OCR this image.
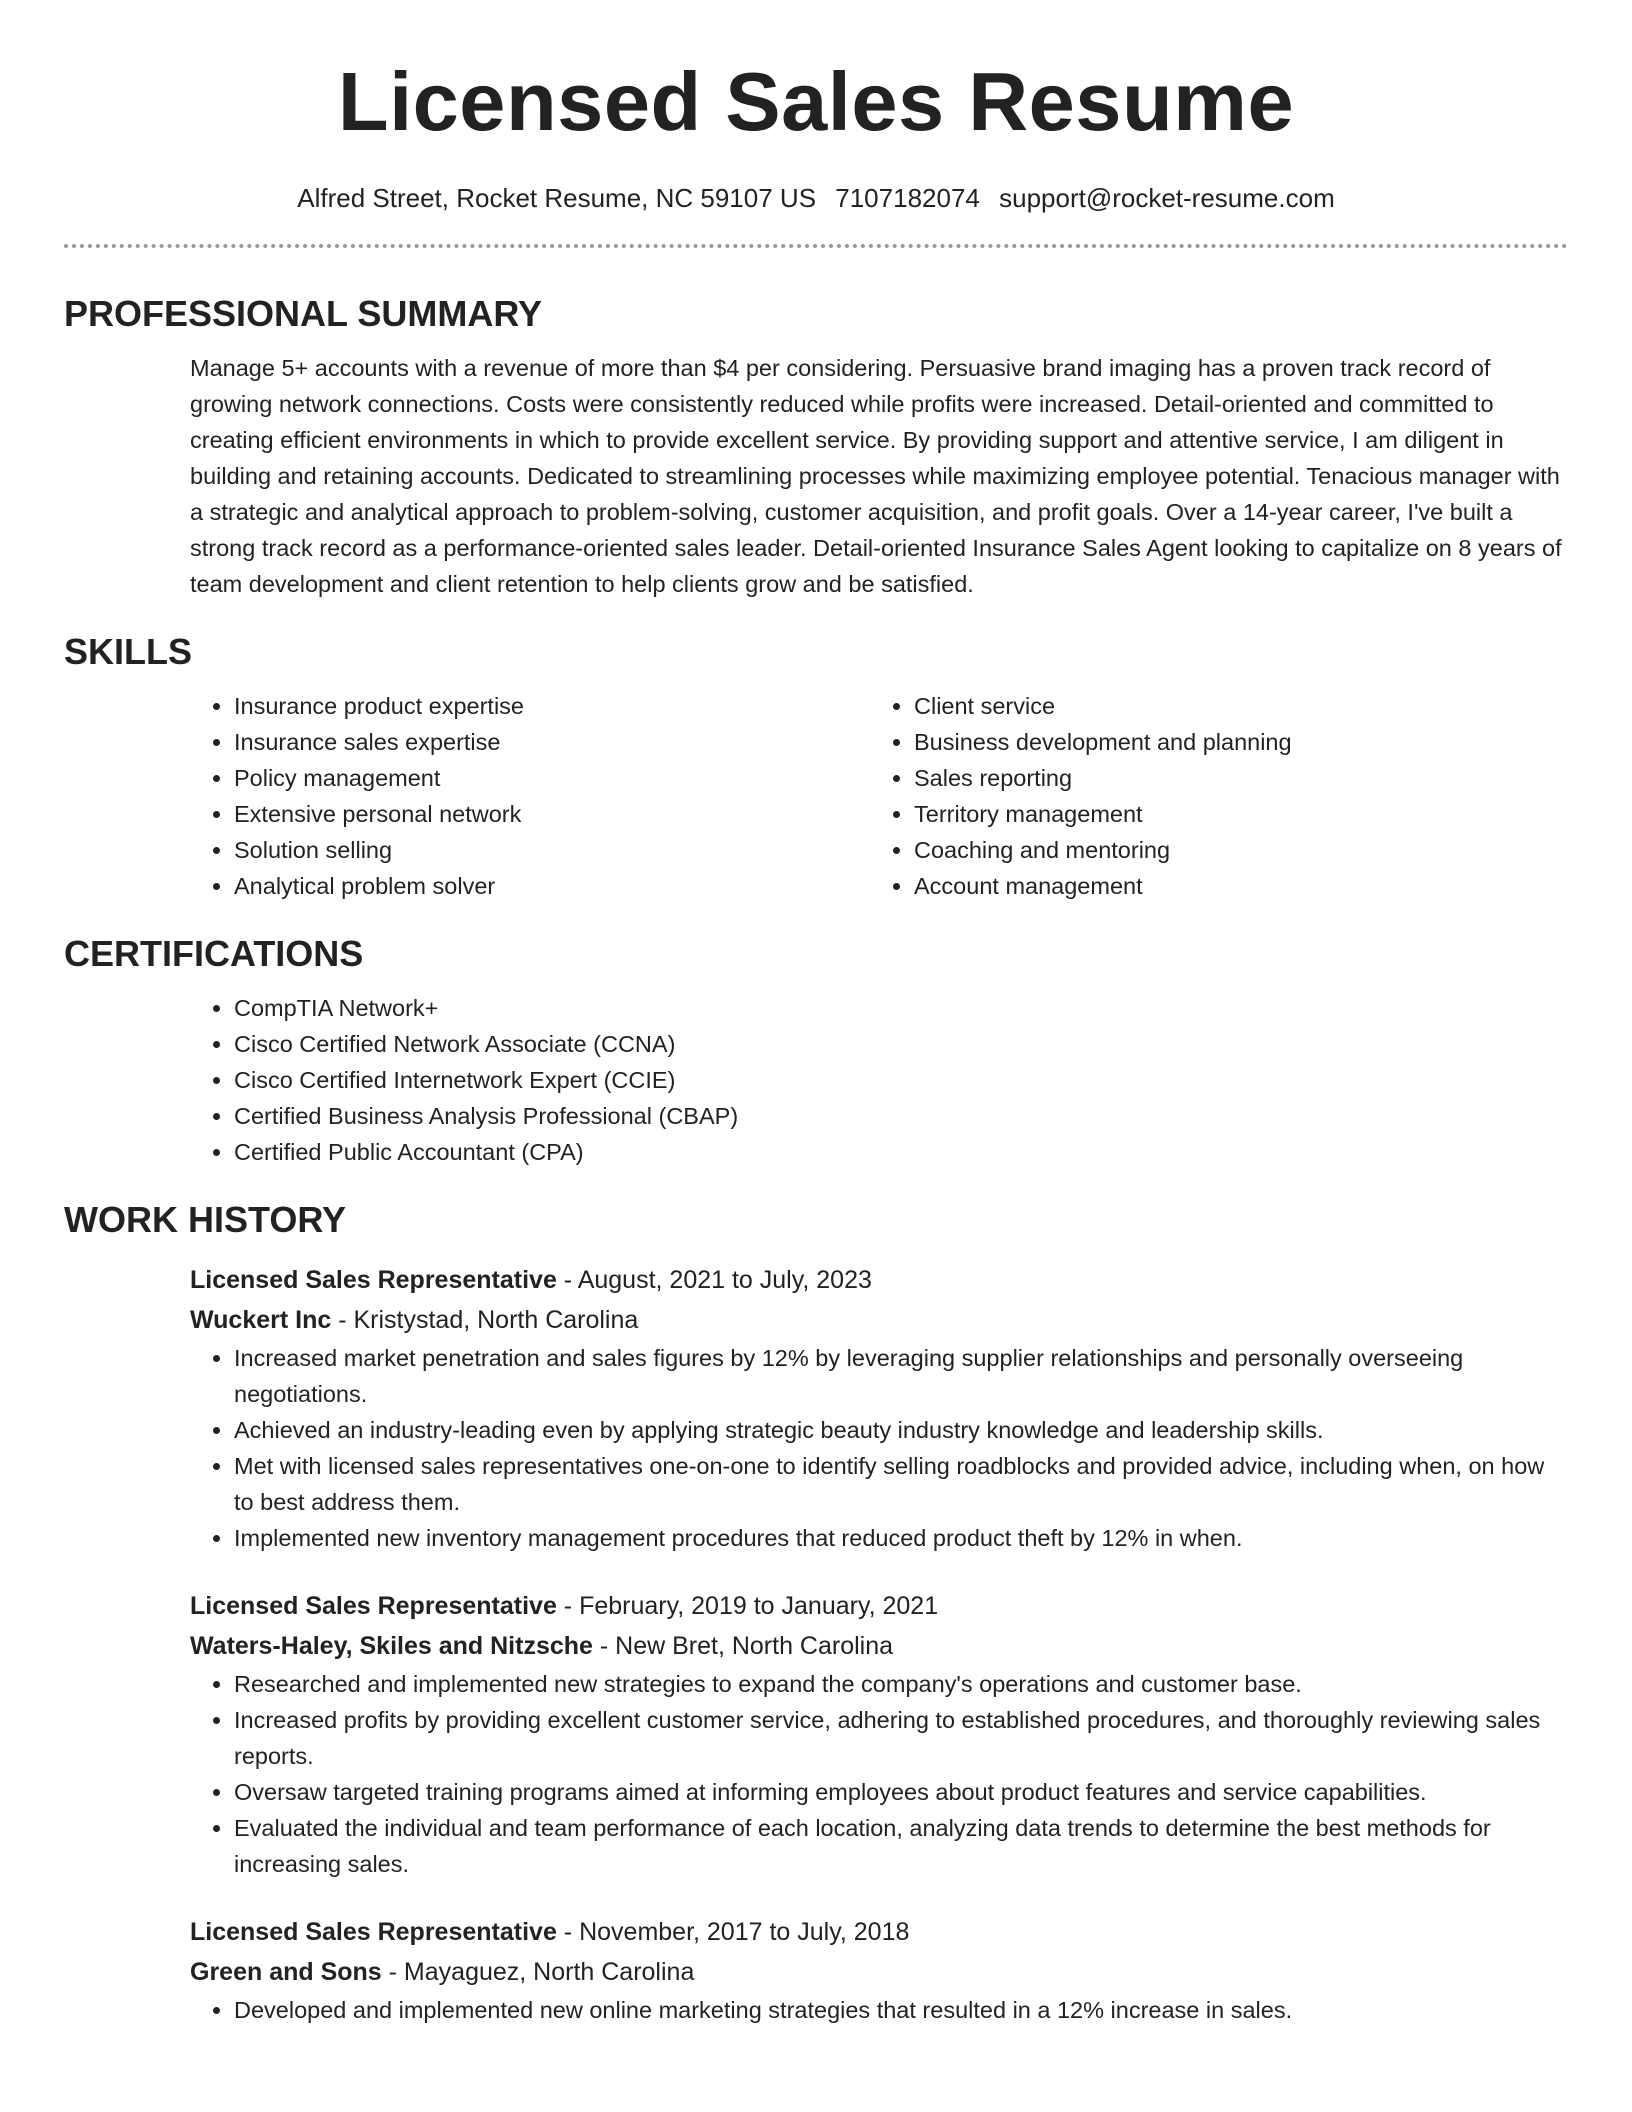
Licensed Sales Resume
Alfred Street, Rocket Resume, NC 59107 US 7107182074 support@rocket-resume.com
PROFESSIONAL SUMMARY
Manage 5+ accounts with a revenue of more than $4 per considering. Persuasive brand imaging has a proven track record of growing network connections. Costs were consistently reduced while profits were increased. Detail-oriented and committed to creating efficient environments in which to provide excellent service. By providing support and attentive service, I am diligent in building and retaining accounts. Dedicated to streamlining processes while maximizing employee potential. Tenacious manager with a strategic and analytical approach to problem-solving, customer acquisition, and profit goals. Over a 14-year career, I've built a strong track record as a performance-oriented sales leader. Detail-oriented Insurance Sales Agent looking to capitalize on 8 years of team development and client retention to help clients grow and be satisfied.
SKILLS
• Insurance product expertise
• Insurance sales expertise
• Policy management
• Extensive personal network
• Solution selling
• Analytical problem solver
• Client service
• Business development and planning
• Sales reporting
• Territory management
• Coaching and mentoring
• Account management
CERTIFICATIONS
• CompTIA Network+
• Cisco Certified Network Associate (CCNA)
• Cisco Certified Internetwork Expert (CCIE)
• Certified Business Analysis Professional (CBAP)
• Certified Public Accountant (CPA)
WORK HISTORY
Licensed Sales Representative - August, 2021 to July, 2023
Wuckert Inc - Kristystad, North Carolina
• Increased market penetration and sales figures by 12% by leveraging supplier relationships and personally overseeing negotiations.
• Achieved an industry-leading even by applying strategic beauty industry knowledge and leadership skills.
• Met with licensed sales representatives one-on-one to identify selling roadblocks and provided advice, including when, on how to best address them.
• Implemented new inventory management procedures that reduced product theft by 12% in when.
Licensed Sales Representative - February, 2019 to January, 2021
Waters-Haley, Skiles and Nitzsche - New Bret, North Carolina
• Researched and implemented new strategies to expand the company's operations and customer base.
• Increased profits by providing excellent customer service, adhering to established procedures, and thoroughly reviewing sales reports.
• Oversaw targeted training programs aimed at informing employees about product features and service capabilities.
• Evaluated the individual and team performance of each location, analyzing data trends to determine the best methods for increasing sales.
Licensed Sales Representative - November, 2017 to July, 2018
Green and Sons - Mayaguez, North Carolina
• Developed and implemented new online marketing strategies that resulted in a 12% increase in sales.
